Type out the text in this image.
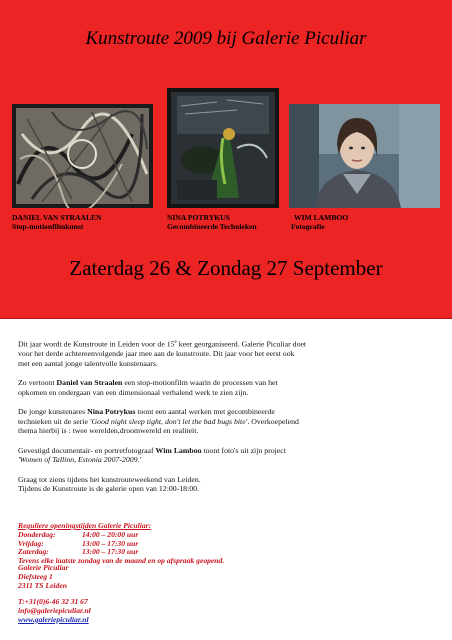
Kunstroute 2009 bij Galerie Piculiar
DANIEL VAN STRAALEN
Stop-motionfilmkunst
NINA POTRYKUS
Gecombineerde Technieken
WIM LAMBOO
Fotografie
Zaterdag 26 & Zondag 27 September

Dit jaar wordt de Kunstroute in Leiden voor de 15e keer georganiseerd. Galerie Piculiar doet voor het derde achtereenvolgende jaar mee aan de kunstroute. Dit jaar voor het eerst ook met een aantal jonge talentvolle kunstenaars.

Zo vertoont Daniel van Straalen een stop-motionfilm waarin de processen van het opkomen en ondergaan van een dimensionaal verhalend werk te zien zijn.

De jonge kunstenares Nina Potrykus toont een aantal werken met gecombineerde technieken uit de serie 'Good night sleep tight, don't let the bad bugs bite'. Overkoepelend thema hierbij is : twee werelden,droomwereld en realiteit.

Gevestigd documentair- en portretfotograaf Wim Lamboo toont foto's uit zijn project 'Women of Tallinn, Estonia 2007-2009.'

Graag tot ziens tijdens het kunstrouteweekend van Leiden.
Tijdens de Kunstroute is de galerie open van 12:00-18:00.

Reguliere openingstijden Galerie Piculiar:
Donderdag:	14:00 – 20:00 uur
Vrijdag:	13:00 – 17:30 uur
Zaterdag:	13:00 – 17:30 uur
Tevens elke laatste zondag van de maand en op afspraak geopend.
Galerie Piculiar
Diefsteeg 1
2311 TS Leiden
T:+31(0)6-46 32 31 67
info@galeriepiculiar.nl
www.galeriepiculiar.nl
